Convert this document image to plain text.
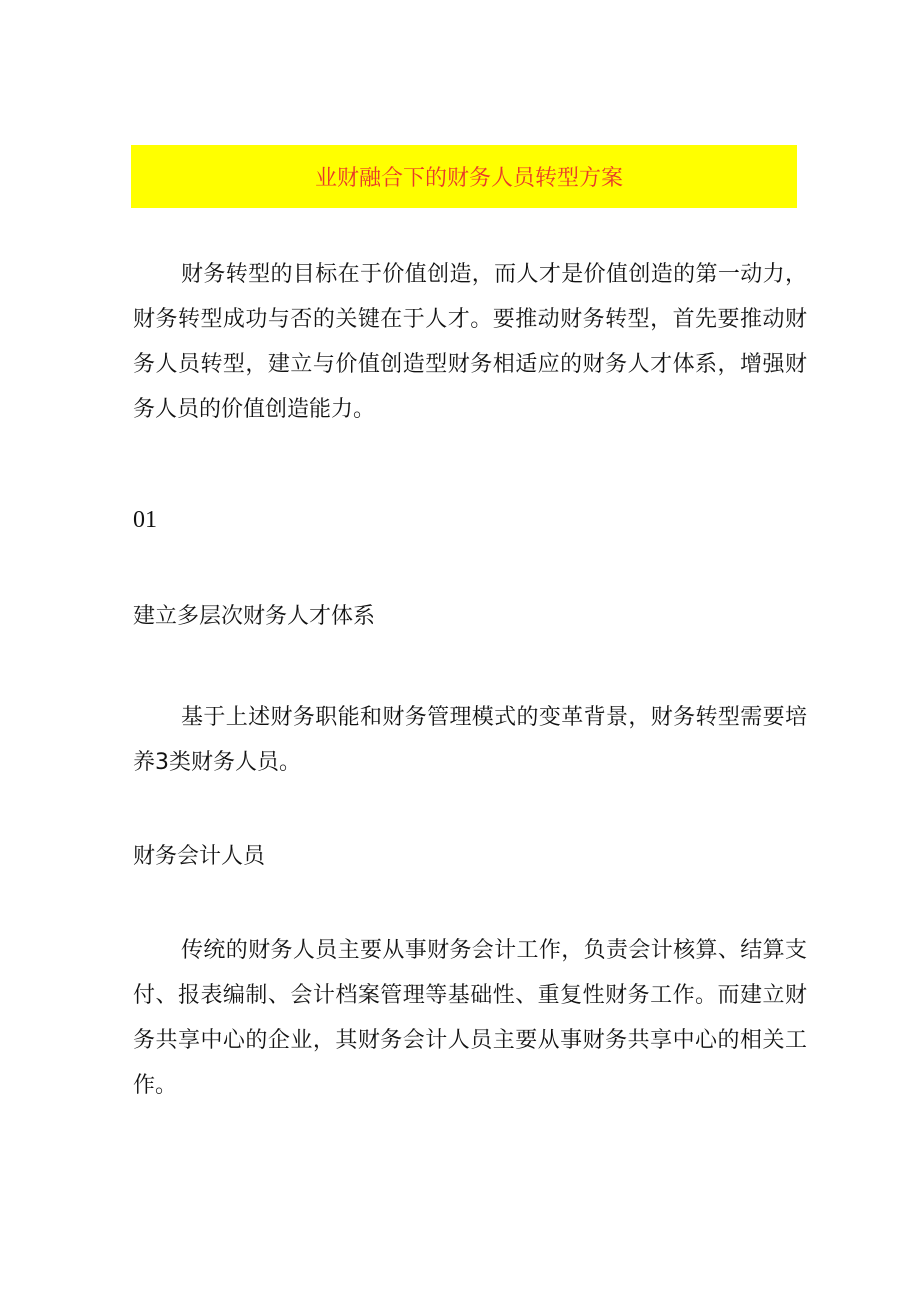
业财融合下的财务人员转型方案

财务转型的目标在于价值创造，而人才是价值创造的第一动力，财务转型成功与否的关键在于人才。要推动财务转型，首先要推动财务人员转型，建立与价值创造型财务相适应的财务人才体系，增强财务人员的价值创造能力。

01
建立多层次财务人才体系

基于上述财务职能和财务管理模式的变革背景，财务转型需要培养3类财务人员。

财务会计人员

传统的财务人员主要从事财务会计工作，负责会计核算、结算支付、报表编制、会计档案管理等基础性、重复性财务工作。而建立财务共享中心的企业，其财务会计人员主要从事财务共享中心的相关工作。
